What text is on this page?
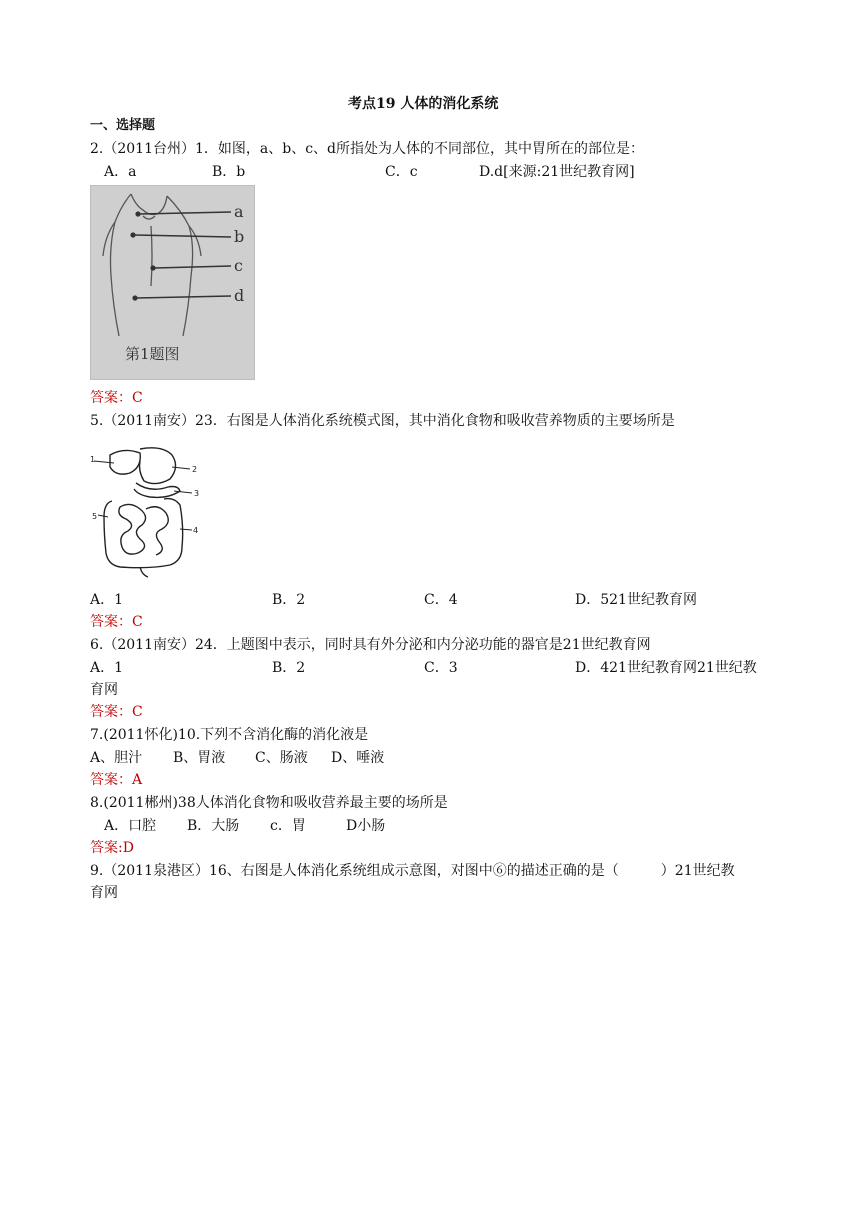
考点19 人体的消化系统
一、选择题
2.（2011台州）1．如图，a、b、c、d所指处为人体的不同部位，其中胃所在的部位是：
A．a	B．b	C．c	D.d[来源:21世纪教育网]
a
b
c
d
第1题图
答案：C
5.（2011南安）23．右图是人体消化系统模式图，其中消化食物和吸收营养物质的主要场所是
1
2
3
4
5
A．1	B．2	C．4	D．521世纪教育网
答案：C
6.（2011南安）24．上题图中表示，同时具有外分泌和内分泌功能的器官是21世纪教育网
A．1	B．2	C．3	D．421世纪教育网21世纪教
育网
答案：C
7.(2011怀化)10.下列不含消化酶的消化液是
A、胆汁 B、胃液 C、肠液 D、唾液
答案：A
8.(2011郴州)38人体消化食物和吸收营养最主要的场所是
A．口腔 B．大肠 c．胃	D小肠
答案:D
9.（2011泉港区）16、右图是人体消化系统组成示意图，对图中⑥的描述正确的是（　　　）21世纪教
育网
